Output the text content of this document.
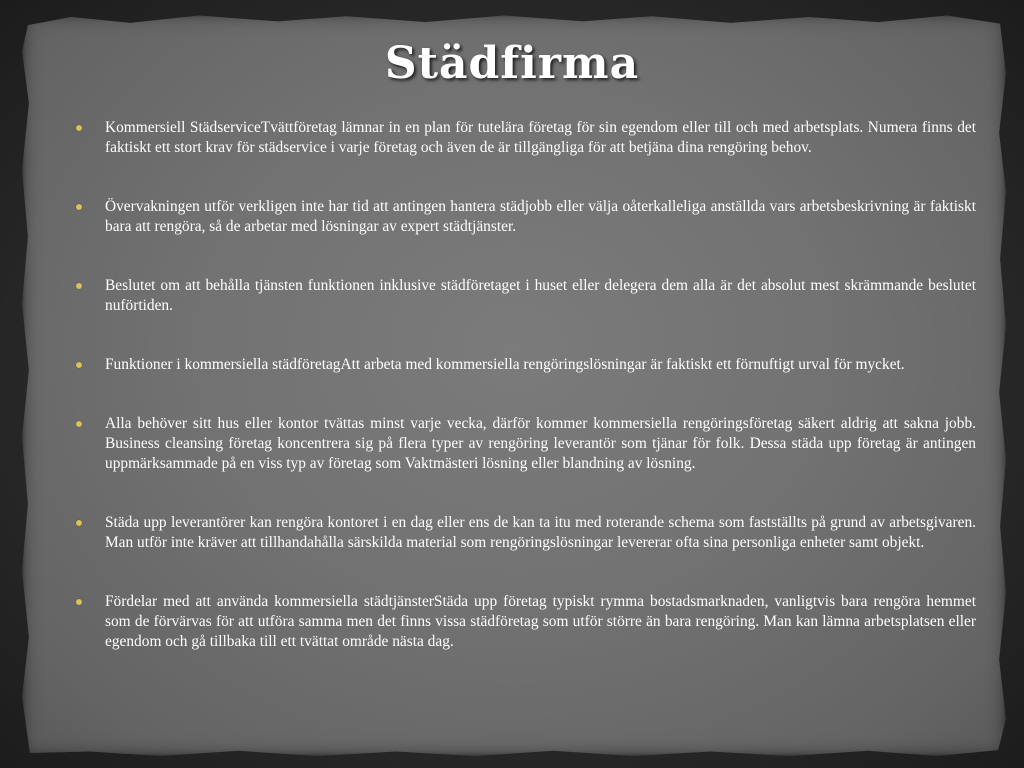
Städfirma
Kommersiell StädserviceTvättföretag lämnar in en plan för tutelära företag för sin egendom eller till och med arbetsplats. Numera finns det faktiskt ett stort krav för städservice i varje företag och även de är tillgängliga för att betjäna dina rengöring behov.
Övervakningen utför verkligen inte har tid att antingen hantera städjobb eller välja oåterkalleliga anställda vars arbetsbeskrivning är faktiskt bara att rengöra, så de arbetar med lösningar av expert städtjänster.
Beslutet om att behålla tjänsten funktionen inklusive städföretaget i huset eller delegera dem alla är det absolut mest skrämmande beslutet nuförtiden.
Funktioner i kommersiella städföretagAtt arbeta med kommersiella rengöringslösningar är faktiskt ett förnuftigt urval för mycket.
Alla behöver sitt hus eller kontor tvättas minst varje vecka, därför kommer kommersiella rengöringsföretag säkert aldrig att sakna jobb. Business cleansing företag koncentrera sig på flera typer av rengöring leverantör som tjänar för folk. Dessa städa upp företag är antingen uppmärksammade på en viss typ av företag som Vaktmästeri lösning eller blandning av lösning.
Städa upp leverantörer kan rengöra kontoret i en dag eller ens de kan ta itu med roterande schema som fastställts på grund av arbetsgivaren. Man utför inte kräver att tillhandahålla särskilda material som rengöringslösningar levererar ofta sina personliga enheter samt objekt.
Fördelar med att använda kommersiella städtjänsterStäda upp företag typiskt rymma bostadsmarknaden, vanligtvis bara rengöra hemmet som de förvärvas för att utföra samma men det finns vissa städföretag som utför större än bara rengöring. Man kan lämna arbetsplatsen eller egendom och gå tillbaka till ett tvättat område nästa dag.
